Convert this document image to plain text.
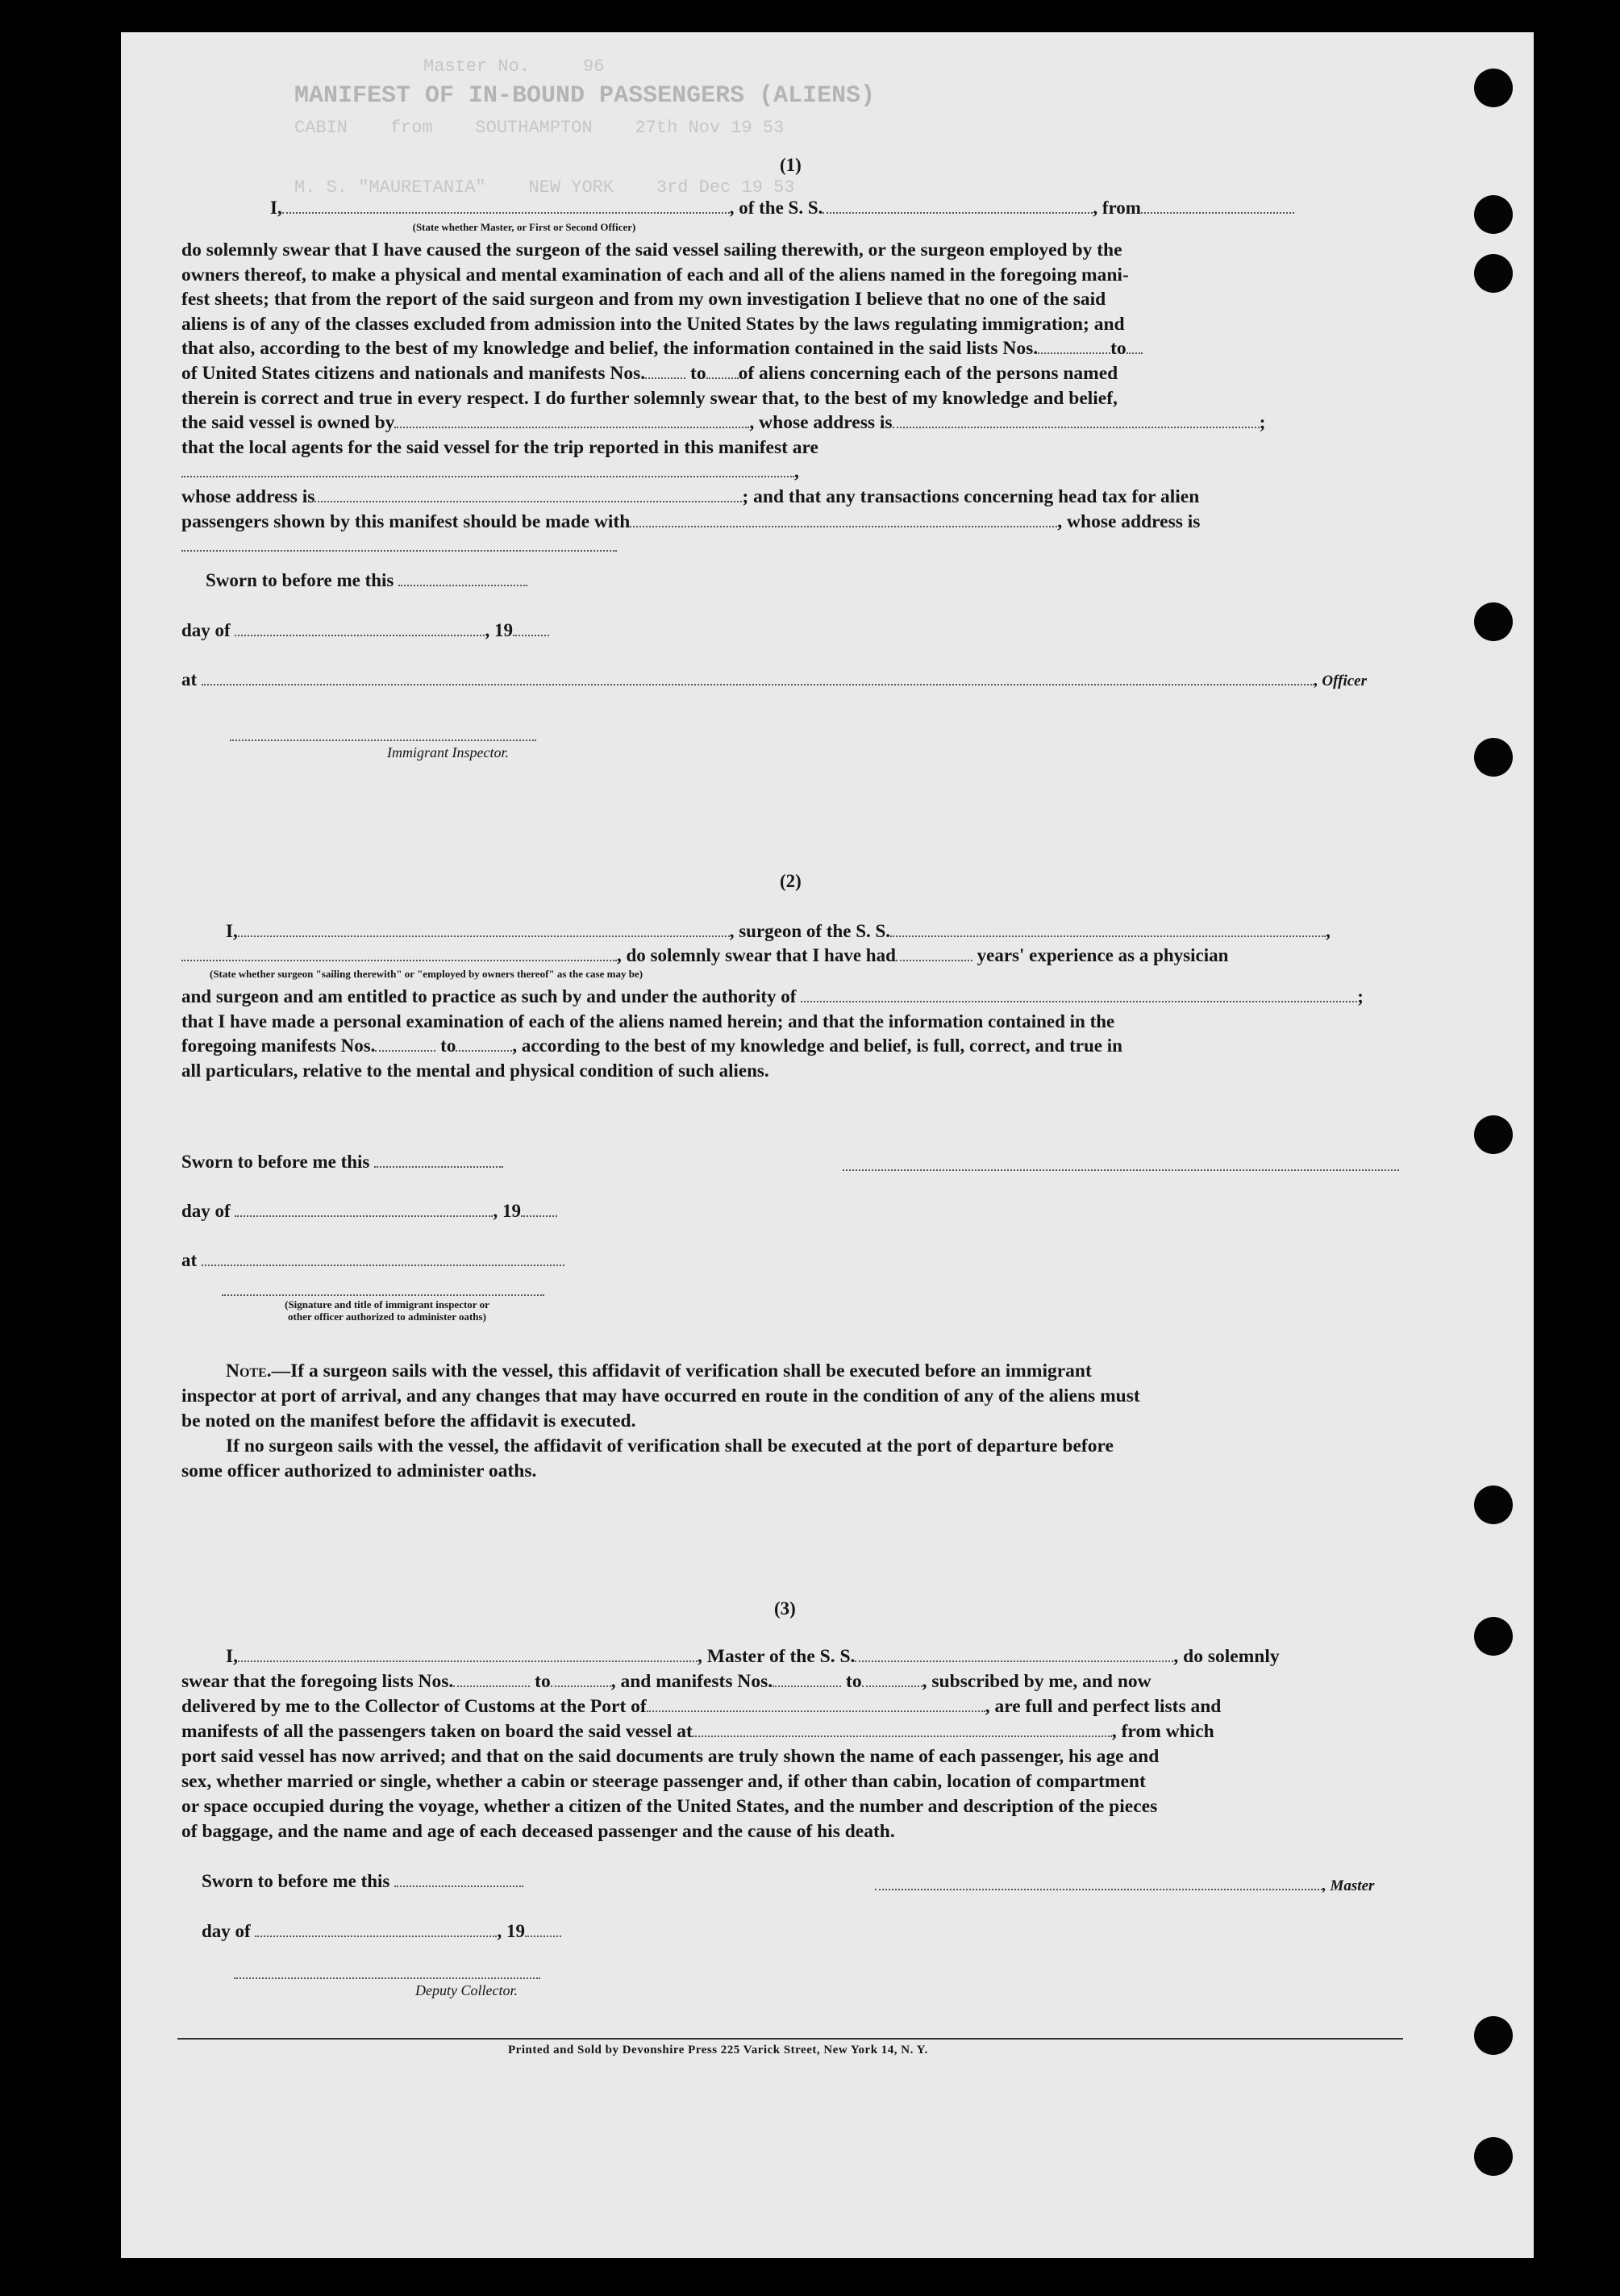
Master No.     96
MANIFEST OF IN-BOUND PASSENGERS (ALIENS)
CABIN    from    SOUTHAMPTON    27th Nov 19 53
M. S. "MAURETANIA"    NEW YORK    3rd Dec 19 53
(1)
I,	, of the S. S.	, from
(State whether Master, or First or Second Officer)
do solemnly swear that I have caused the surgeon of the said vessel sailing therewith, or the surgeon employed by the
owners thereof, to make a physical and mental examination of each and all of the aliens named in the foregoing mani-
fest sheets; that from the report of the said surgeon and from my own investigation I believe that no one of the said
aliens is of any of the classes excluded from admission into the United States by the laws regulating immigration; and
that also, according to the best of my knowledge and belief, the information contained in the said lists Nos.	to
of United States citizens and nationals and manifests Nos. to of aliens concerning each of the persons named
therein is correct and true in every respect. I do further solemnly swear that, to the best of my knowledge and belief,
the said vessel is owned by	, whose address is	;
that the local agents for the said vessel for the trip reported in this manifest are,
whose address is	; and that any transactions concerning head tax for alien
passengers shown by this manifest should be made with	, whose address is
Sworn to before me this
day of	, 19
at	, Officer
Immigrant Inspector.
(2)
I,	, surgeon of the S. S.	,
, do solemnly swear that I have had	years' experience as a physician
(State whether surgeon "sailing therewith" or "employed by owners thereof" as the case may be)
and surgeon and am entitled to practice as such by and under the authority of	;
that I have made a personal examination of each of the aliens named herein; and that the information contained in the
foregoing manifests Nos.	to	, according to the best of my knowledge and belief, is full, correct, and true in
all particulars, relative to the mental and physical condition of such aliens.
Sworn to before me this
day of	, 19
at
(Signature and title of immigrant inspector or
other officer authorized to administer oaths)
Note.—If a surgeon sails with the vessel, this affidavit of verification shall be executed before an immigrant
inspector at port of arrival, and any changes that may have occurred en route in the condition of any of the aliens must
be noted on the manifest before the affidavit is executed.
If no surgeon sails with the vessel, the affidavit of verification shall be executed at the port of departure before
some officer authorized to administer oaths.
(3)
I,	, Master of the S. S.	, do solemnly
swear that the foregoing lists Nos.	to	, and manifests Nos.	to	, subscribed by me, and now
delivered by me to the Collector of Customs at the Port of	, are full and perfect lists and
manifests of all the passengers taken on board the said vessel at	, from which
port said vessel has now arrived; and that on the said documents are truly shown the name of each passenger, his age and
sex, whether married or single, whether a cabin or steerage passenger and, if other than cabin, location of compartment
or space occupied during the voyage, whether a citizen of the United States, and the number and description of the pieces
of baggage, and the name and age of each deceased passenger and the cause of his death.
Sworn to before me this	, Master
day of	, 19
Deputy Collector.
Printed and Sold by Devonshire Press 225 Varick Street, New York 14, N. Y.
